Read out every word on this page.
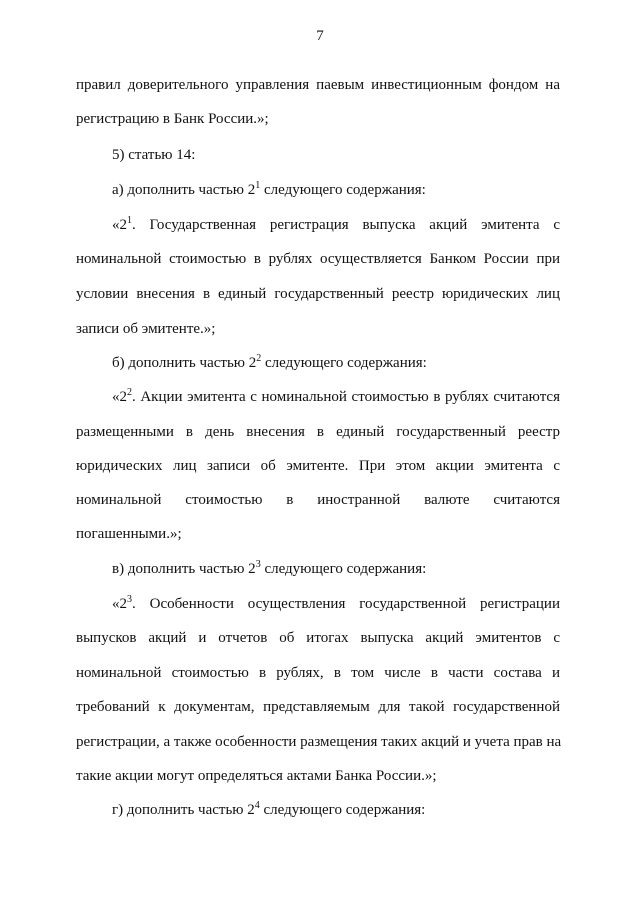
7
правил доверительного управления паевым инвестиционным фондом на
регистрацию в Банк России.»;
5) статью 14:
а) дополнить частью $2^1$ следующего содержания:
«$2^1$. Государственная регистрация выпуска акций эмитента с
номинальной стоимостью в рублях осуществляется Банком России при
условии внесения в единый государственный реестр юридических лиц
записи об эмитенте.»;
б) дополнить частью $2^2$ следующего содержания:
«$2^2$. Акции эмитента с номинальной стоимостью в рублях считаются
размещенными в день внесения в единый государственный реестр
юридических лиц записи об эмитенте. При этом акции эмитента с
номинальной стоимостью в иностранной валюте считаются
погашенными.»;
в) дополнить частью $2^3$ следующего содержания:
«$2^3$. Особенности осуществления государственной регистрации
выпусков акций и отчетов об итогах выпуска акций эмитентов с
номинальной стоимостью в рублях, в том числе в части состава и
требований к документам, представляемым для такой государственной
регистрации, а также особенности размещения таких акций и учета прав на
такие акции могут определяться актами Банка России.»;
г) дополнить частью $2^4$ следующего содержания:
